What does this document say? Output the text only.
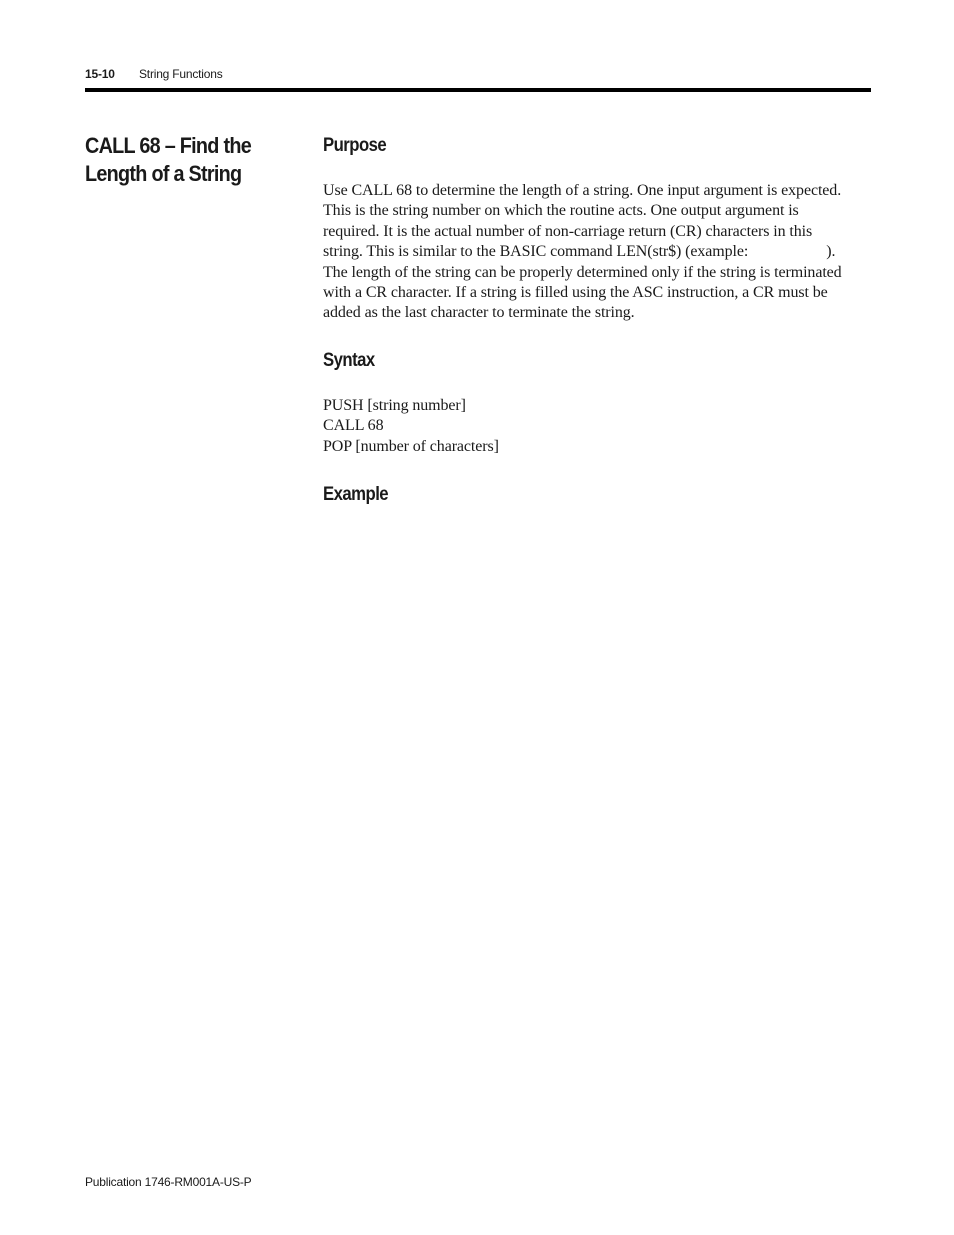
15-10 String Functions
CALL 68 – Find the
Length of a String
Purpose

Use CALL 68 to determine the length of a string. One input argument is expected.
This is the string number on which the routine acts. One output argument is
required. It is the actual number of non-carriage return (CR) characters in this
string. This is similar to the BASIC command LEN(str$) (example:                    ).
The length of the string can be properly determined only if the string is terminated
with a CR character. If a string is filled using the ASC instruction, a CR must be
added as the last character to terminate the string.

Syntax

PUSH [string number]
CALL 68
POP [number of characters]

Example
Publication 1746-RM001A-US-P
